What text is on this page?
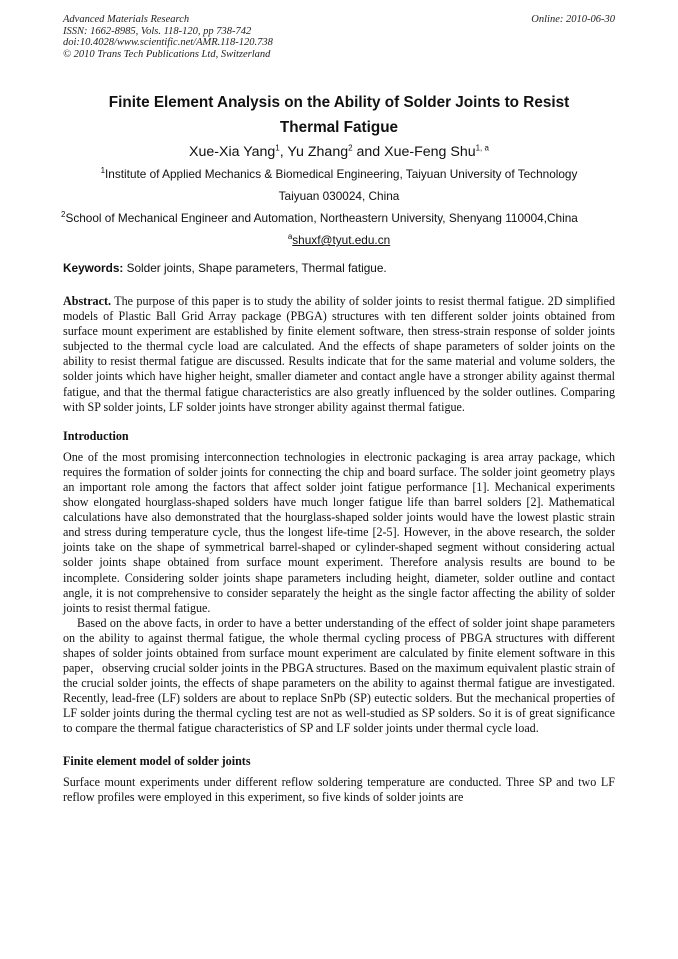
Online: 2010-06-30
Advanced Materials Research
ISSN: 1662-8985, Vols. 118-120, pp 738-742
doi:10.4028/www.scientific.net/AMR.118-120.738
© 2010 Trans Tech Publications Ltd, Switzerland
Finite Element Analysis on the Ability of Solder Joints to Resist
Thermal Fatigue
Xue-Xia Yang$^1$, Yu Zhang$^2$ and Xue-Feng Shu$^{1, a}$
$^1$Institute of Applied Mechanics & Biomedical Engineering, Taiyuan University of Technology
Taiyuan 030024, China
$^2$School of Mechanical Engineer and Automation, Northeastern University, Shenyang 110004,China
$^a$shuxf@tyut.edu.cn
Keywords: Solder joints, Shape parameters, Thermal fatigue.
Abstract. The purpose of this paper is to study the ability of solder joints to resist thermal fatigue. 2D simplified models of Plastic Ball Grid Array package (PBGA) structures with ten different solder joints obtained from surface mount experiment are established by finite element software, then stress-strain response of solder joints subjected to the thermal cycle load are calculated. And the effects of shape parameters of solder joints on the ability to resist thermal fatigue are discussed. Results indicate that for the same material and volume solders, the solder joints which have higher height, smaller diameter and contact angle have a stronger ability against thermal fatigue, and that the thermal fatigue characteristics are also greatly influenced by the solder outlines. Comparing with SP solder joints, LF solder joints have stronger ability against thermal fatigue.
Introduction
One of the most promising interconnection technologies in electronic packaging is area array package, which requires the formation of solder joints for connecting the chip and board surface. The solder joint geometry plays an important role among the factors that affect solder joint fatigue performance [1]. Mechanical experiments show elongated hourglass-shaped solders have much longer fatigue life than barrel solders [2]. Mathematical calculations have also demonstrated that the hourglass-shaped solder joints would have the lowest plastic strain and stress during temperature cycle, thus the longest life-time [2-5]. However, in the above research, the solder joints take on the shape of symmetrical barrel-shaped or cylinder-shaped segment without considering actual solder joints shape obtained from surface mount experiment. Therefore analysis results are bound to be incomplete. Considering solder joints shape parameters including height, diameter, solder outline and contact angle, it is not comprehensive to consider separately the height as the single factor affecting the ability of solder joints to resist thermal fatigue.
Based on the above facts, in order to have a better understanding of the effect of solder joint shape parameters on the ability to against thermal fatigue, the whole thermal cycling process of PBGA structures with different shapes of solder joints obtained from surface mount experiment are calculated by finite element software in this paper，observing crucial solder joints in the PBGA structures. Based on the maximum equivalent plastic strain of the crucial solder joints, the effects of shape parameters on the ability to against thermal fatigue are investigated. Recently, lead-free (LF) solders are about to replace SnPb (SP) eutectic solders. But the mechanical properties of LF solder joints during the thermal cycling test are not as well-studied as SP solders. So it is of great significance to compare the thermal fatigue characteristics of SP and LF solder joints under thermal cycle load.
Finite element model of solder joints
Surface mount experiments under different reflow soldering temperature are conducted. Three SP and two LF reflow profiles were employed in this experiment, so five kinds of solder joints are
